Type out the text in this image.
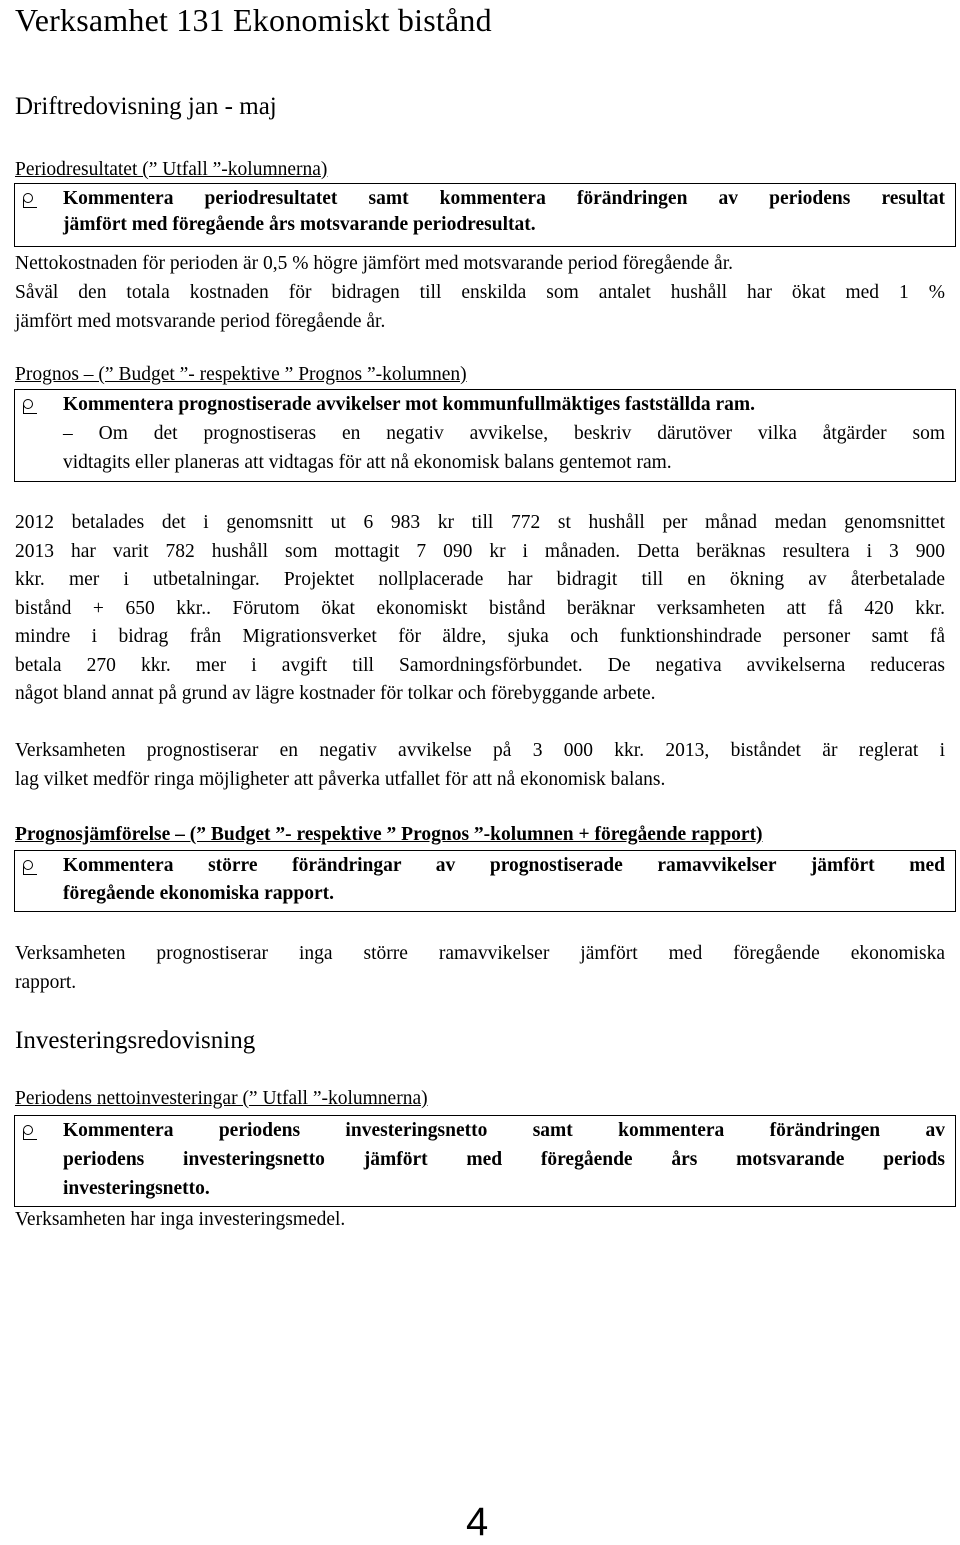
Verksamhet 131 Ekonomiskt bistånd
Driftredovisning jan - maj
Periodresultatet (” Utfall ”-kolumnerna)
Kommentera periodresultatet samt kommentera förändringen av periodens resultat
jämfört med föregående års motsvarande periodresultat.
Nettokostnaden för perioden är 0,5 % högre jämfört med motsvarande period föregående år.
Såväl den totala kostnaden för bidragen till enskilda som antalet hushåll har ökat med 1 %
jämfört med motsvarande period föregående år.
Prognos – (” Budget ”- respektive ” Prognos ”-kolumnen)
Kommentera prognostiserade avvikelser mot kommunfullmäktiges fastställda ram.
– Om det prognostiseras en negativ avvikelse, beskriv därutöver vilka åtgärder som
vidtagits eller planeras att vidtagas för att nå ekonomisk balans gentemot ram.
2012 betalades det i genomsnitt ut 6 983 kr till 772 st hushåll per månad medan genomsnittet
2013 har varit 782 hushåll som mottagit 7 090 kr i månaden. Detta beräknas resultera i 3 900
kkr. mer i utbetalningar. Projektet nollplacerade har bidragit till en ökning av återbetalade
bistånd + 650 kkr.. Förutom ökat ekonomiskt bistånd beräknar verksamheten att få 420 kkr.
mindre i bidrag från Migrationsverket för äldre, sjuka och funktionshindrade personer samt få
betala 270 kkr. mer i avgift till Samordningsförbundet. De negativa avvikelserna reduceras
något bland annat på grund av lägre kostnader för tolkar och förebyggande arbete.
Verksamheten prognostiserar en negativ avvikelse på 3 000 kkr. 2013, biståndet är reglerat i
lag vilket medför ringa möjligheter att påverka utfallet för att nå ekonomisk balans.
Prognosjämförelse – (” Budget ”- respektive ” Prognos ”-kolumnen + föregående rapport)
Kommentera större förändringar av prognostiserade ramavvikelser jämfört med
föregående ekonomiska rapport.
Verksamheten prognostiserar inga större ramavvikelser jämfört med föregående ekonomiska
rapport.
Investeringsredovisning
Periodens nettoinvesteringar (” Utfall ”-kolumnerna)
Kommentera periodens investeringsnetto samt kommentera förändringen av
periodens investeringsnetto jämfört med föregående års motsvarande periods
investeringsnetto.
Verksamheten har inga investeringsmedel.
4
